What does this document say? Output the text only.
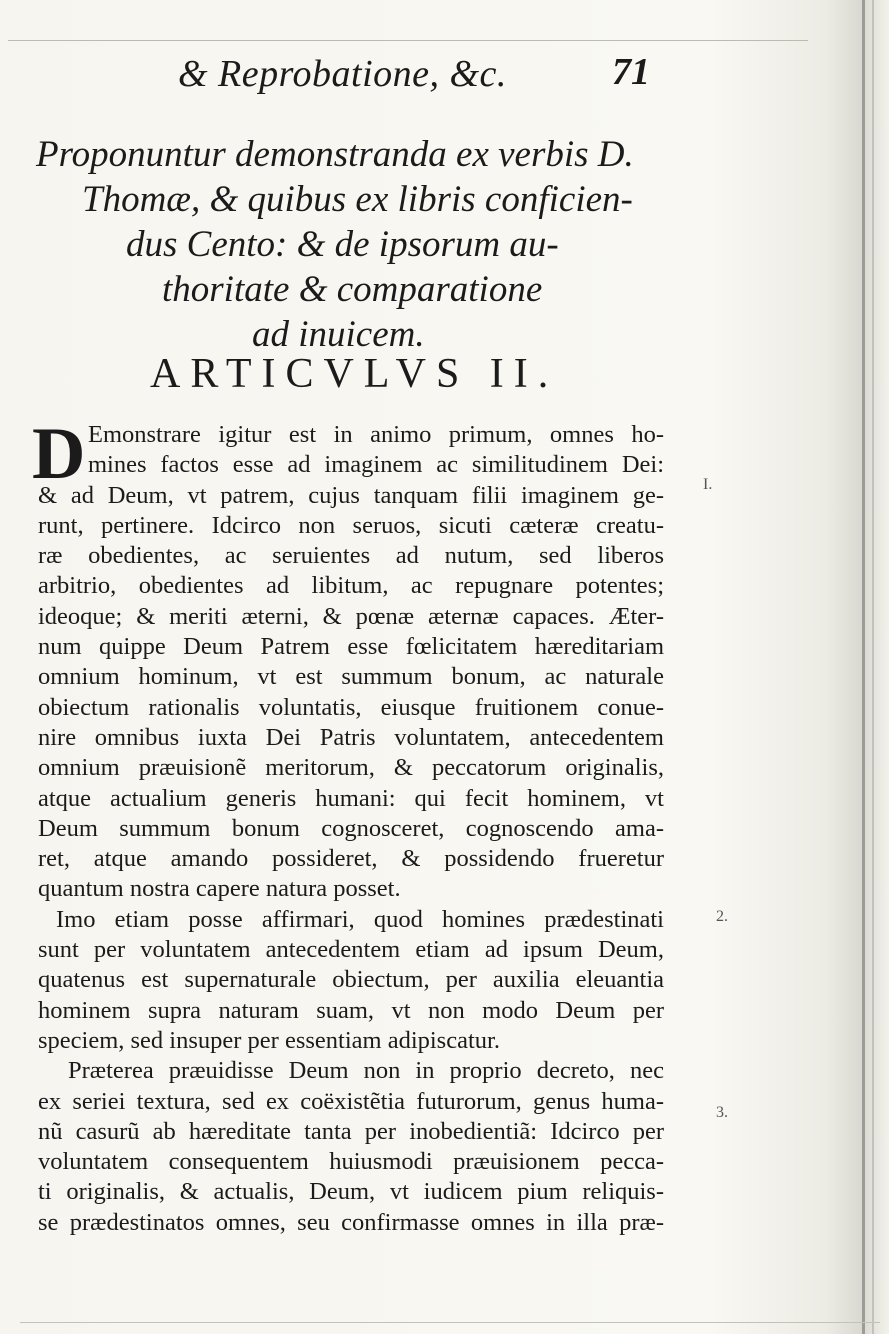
& Reprobatione, &c.	71
Proponuntur demonstranda ex verbis D.
Thomæ, & quibus ex libris conficien-
dus Cento: & de ipsorum au-
thoritate & comparatione
ad inuicem.
ARTICVLVS II.
D Emonstrare igitur est in animo primum, omnes ho-
mines factos esse ad imaginem ac similitudinem Dei:
& ad Deum, vt patrem, cujus tanquam filii imaginem ge-
runt, pertinere. Idcirco non seruos, sicuti cæteræ creatu-
ræ obedientes, ac seruientes ad nutum, sed liberos
arbitrio, obedientes ad libitum, ac repugnare potentes;
ideoque; & meriti æterni, & pœnæ æternæ capaces. Æter-
num quippe Deum Patrem esse fœlicitatem hæreditariam
omnium hominum, vt est summum bonum, ac naturale
obiectum rationalis voluntatis, eiusque fruitionem conue-
nire omnibus iuxta Dei Patris voluntatem, antecedentem
omnium præuisionẽ meritorum, & peccatorum originalis,
atque actualium generis humani: qui fecit hominem, vt
Deum summum bonum cognosceret, cognoscendo ama-
ret, atque amando possideret, & possidendo frueretur
quantum nostra capere natura posset.
Imo etiam posse affirmari, quod homines prædestinati
sunt per voluntatem antecedentem etiam ad ipsum Deum,
quatenus est supernaturale obiectum, per auxilia eleuantia
hominem supra naturam suam, vt non modo Deum per
speciem, sed insuper per essentiam adipiscatur.
Præterea præuidisse Deum non in proprio decreto, nec
ex seriei textura, sed ex coëxistẽtia futurorum, genus huma-
nũ casurũ ab hæreditate tanta per inobedientiã: Idcirco per
voluntatem consequentem huiusmodi præuisionem pecca-
ti originalis, & actualis, Deum, vt iudicem pium reliquis-
se prædestinatos omnes, seu confirmasse omnes in illa præ-
I.
2.
3.
